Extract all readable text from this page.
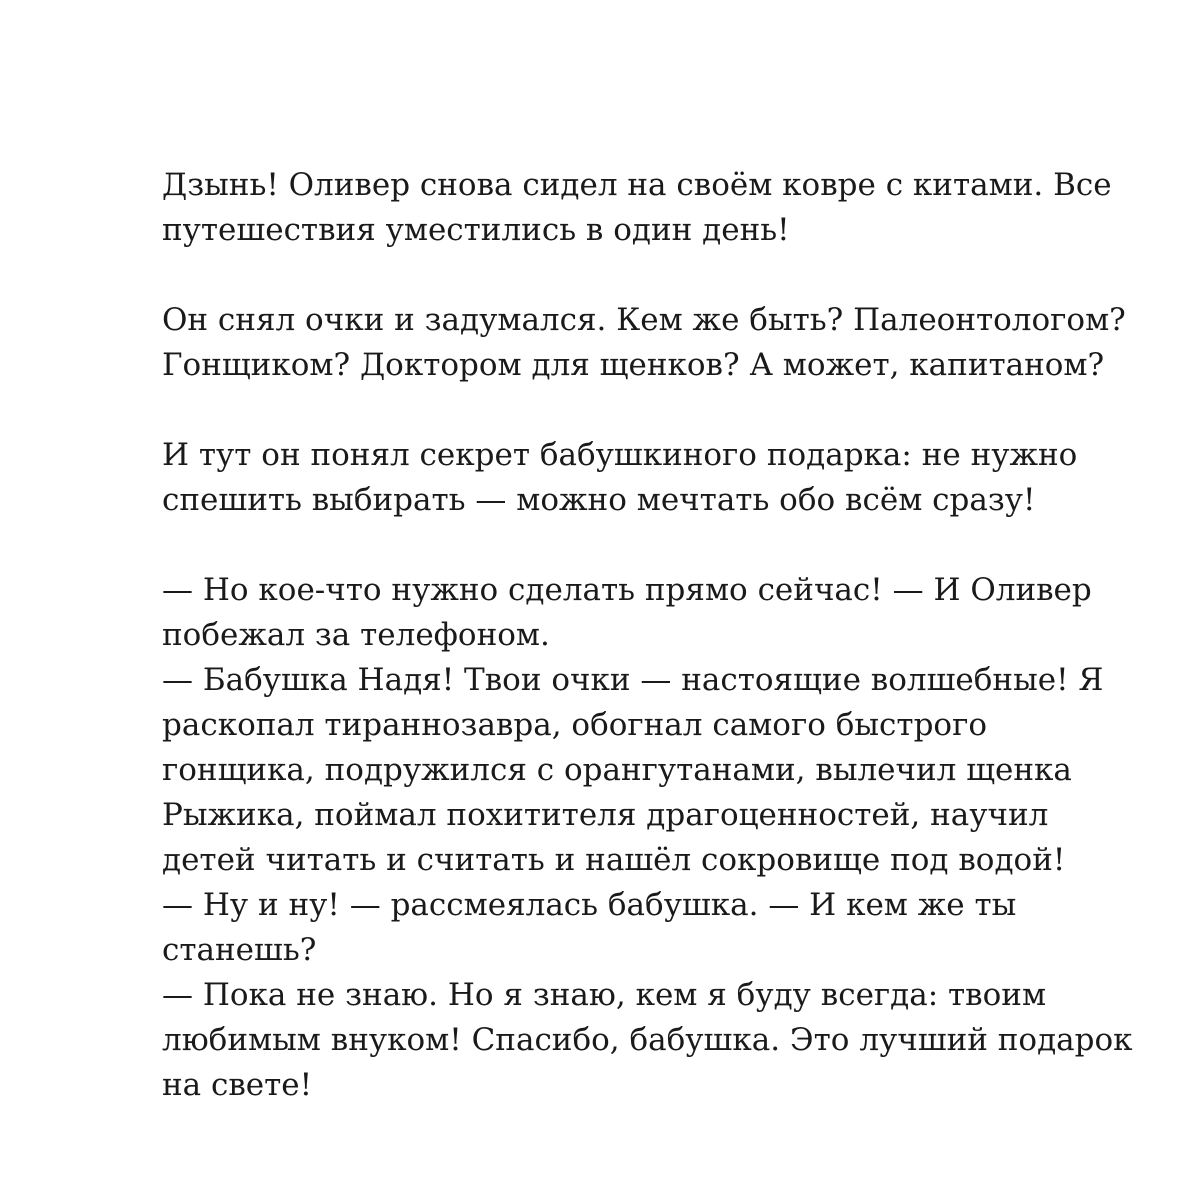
Дзынь! Оливер снова сидел на своём ковре с китами. Все
путешествия уместились в один день!

Он снял очки и задумался. Кем же быть? Палеонтологом?
Гонщиком? Доктором для щенков? А может, капитаном?

И тут он понял секрет бабушкиного подарка: не нужно
спешить выбирать — можно мечтать обо всём сразу!

— Но кое-что нужно сделать прямо сейчас! — И Оливер
побежал за телефоном.
— Бабушка Надя! Твои очки — настоящие волшебные! Я
раскопал тираннозавра, обогнал самого быстрого
гонщика, подружился с орангутанами, вылечил щенка
Рыжика, поймал похитителя драгоценностей, научил
детей читать и считать и нашёл сокровище под водой!
— Ну и ну! — рассмеялась бабушка. — И кем же ты
станешь?
— Пока не знаю. Но я знаю, кем я буду всегда: твоим
любимым внуком! Спасибо, бабушка. Это лучший подарок
на свете!
